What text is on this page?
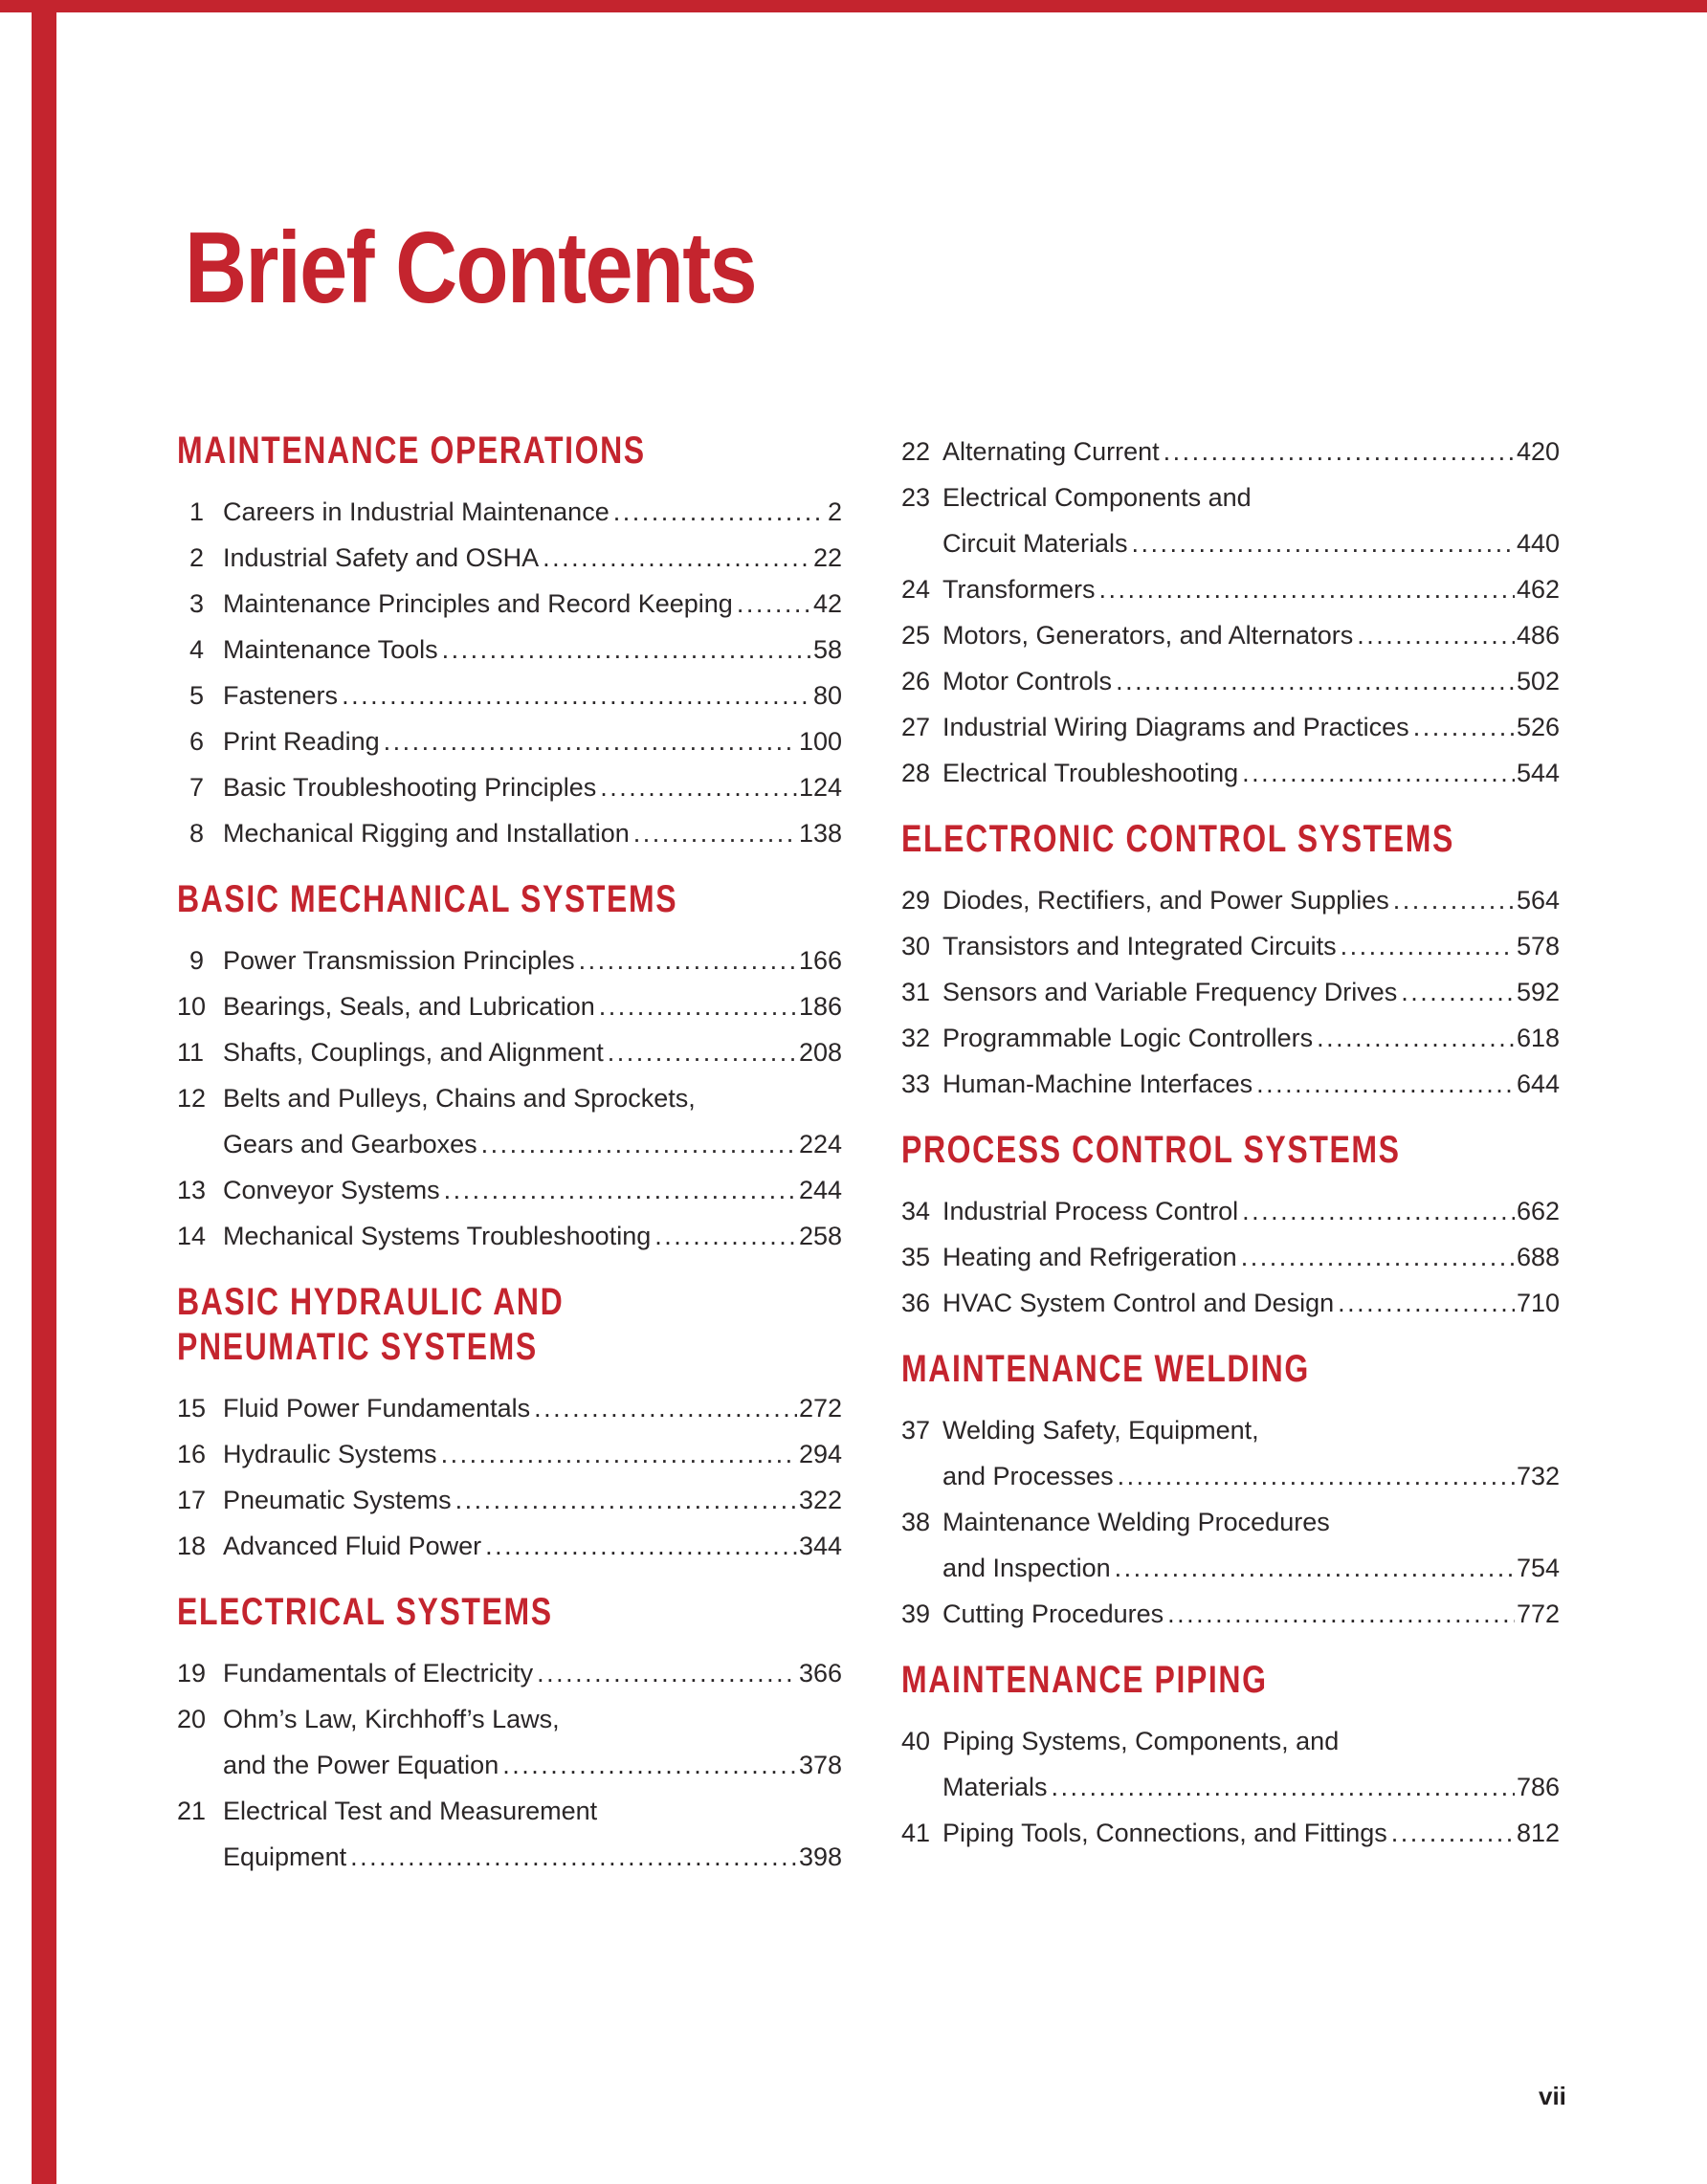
Brief Contents
MAINTENANCE OPERATIONS
1 Careers in Industrial Maintenance .....	2
2 Industrial Safety and OSHA .....	22
3 Maintenance Principles and Record Keeping .....	42
4 Maintenance Tools .....	58
5 Fasteners .....	80
6 Print Reading .....	100
7 Basic Troubleshooting Principles .....	124
8 Mechanical Rigging and Installation .....	138
BASIC MECHANICAL SYSTEMS
9 Power Transmission Principles .....	166
10 Bearings, Seals, and Lubrication .....	186
11 Shafts, Couplings, and Alignment .....	208
12 Belts and Pulleys, Chains and Sprockets,
Gears and Gearboxes .....	224
13 Conveyor Systems .....	244
14 Mechanical Systems Troubleshooting .....	258
BASIC HYDRAULIC AND
PNEUMATIC SYSTEMS
15 Fluid Power Fundamentals .....	272
16 Hydraulic Systems .....	294
17 Pneumatic Systems .....	322
18 Advanced Fluid Power .....	344
ELECTRICAL SYSTEMS
19 Fundamentals of Electricity .....	366
20 Ohm’s Law, Kirchhoff’s Laws,
and the Power Equation .....	378
21 Electrical Test and Measurement
Equipment .....	398
22 Alternating Current .....	420
23 Electrical Components and
Circuit Materials .....	440
24 Transformers .....	462
25 Motors, Generators, and Alternators .....	486
26 Motor Controls .....	502
27 Industrial Wiring Diagrams and Practices .....	526
28 Electrical Troubleshooting .....	544
ELECTRONIC CONTROL SYSTEMS
29 Diodes, Rectifiers, and Power Supplies .....	564
30 Transistors and Integrated Circuits .....	578
31 Sensors and Variable Frequency Drives .....	592
32 Programmable Logic Controllers .....	618
33 Human-Machine Interfaces .....	644
PROCESS CONTROL SYSTEMS
34 Industrial Process Control .....	662
35 Heating and Refrigeration .....	688
36 HVAC System Control and Design .....	710
MAINTENANCE WELDING
37 Welding Safety, Equipment,
and Processes .....	732
38 Maintenance Welding Procedures
and Inspection .....	754
39 Cutting Procedures .....	772
MAINTENANCE PIPING
40 Piping Systems, Components, and
Materials .....	786
41 Piping Tools, Connections, and Fittings .....	812
vii
